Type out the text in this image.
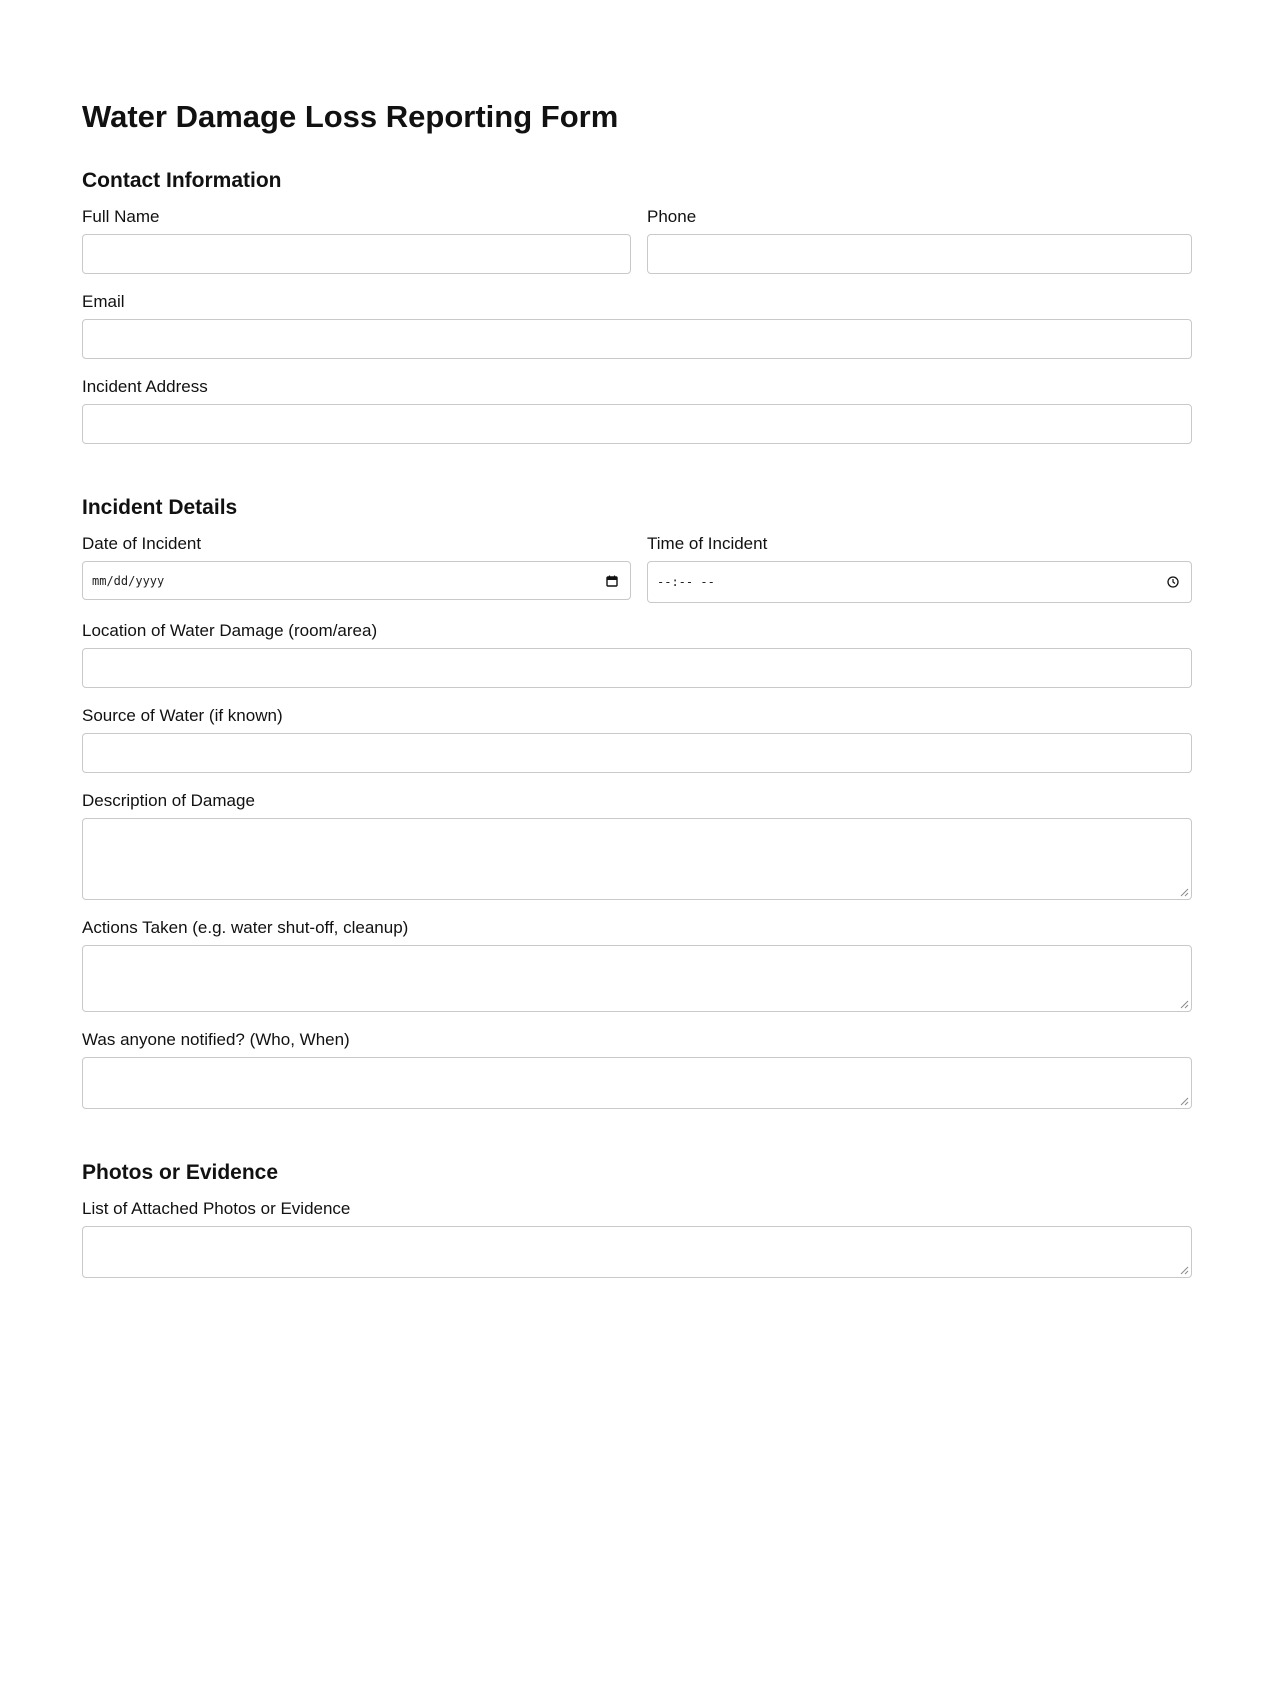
Water Damage Loss Reporting Form
Contact Information
Full Name	Phone
Email
Incident Address
Incident Details
Date of Incident
mm/dd/yyyy
Time of Incident
--:-- --
Location of Water Damage (room/area)
Source of Water (if known)
Description of Damage
Actions Taken (e.g. water shut-off, cleanup)
Was anyone notified? (Who, When)
Photos or Evidence
List of Attached Photos or Evidence
